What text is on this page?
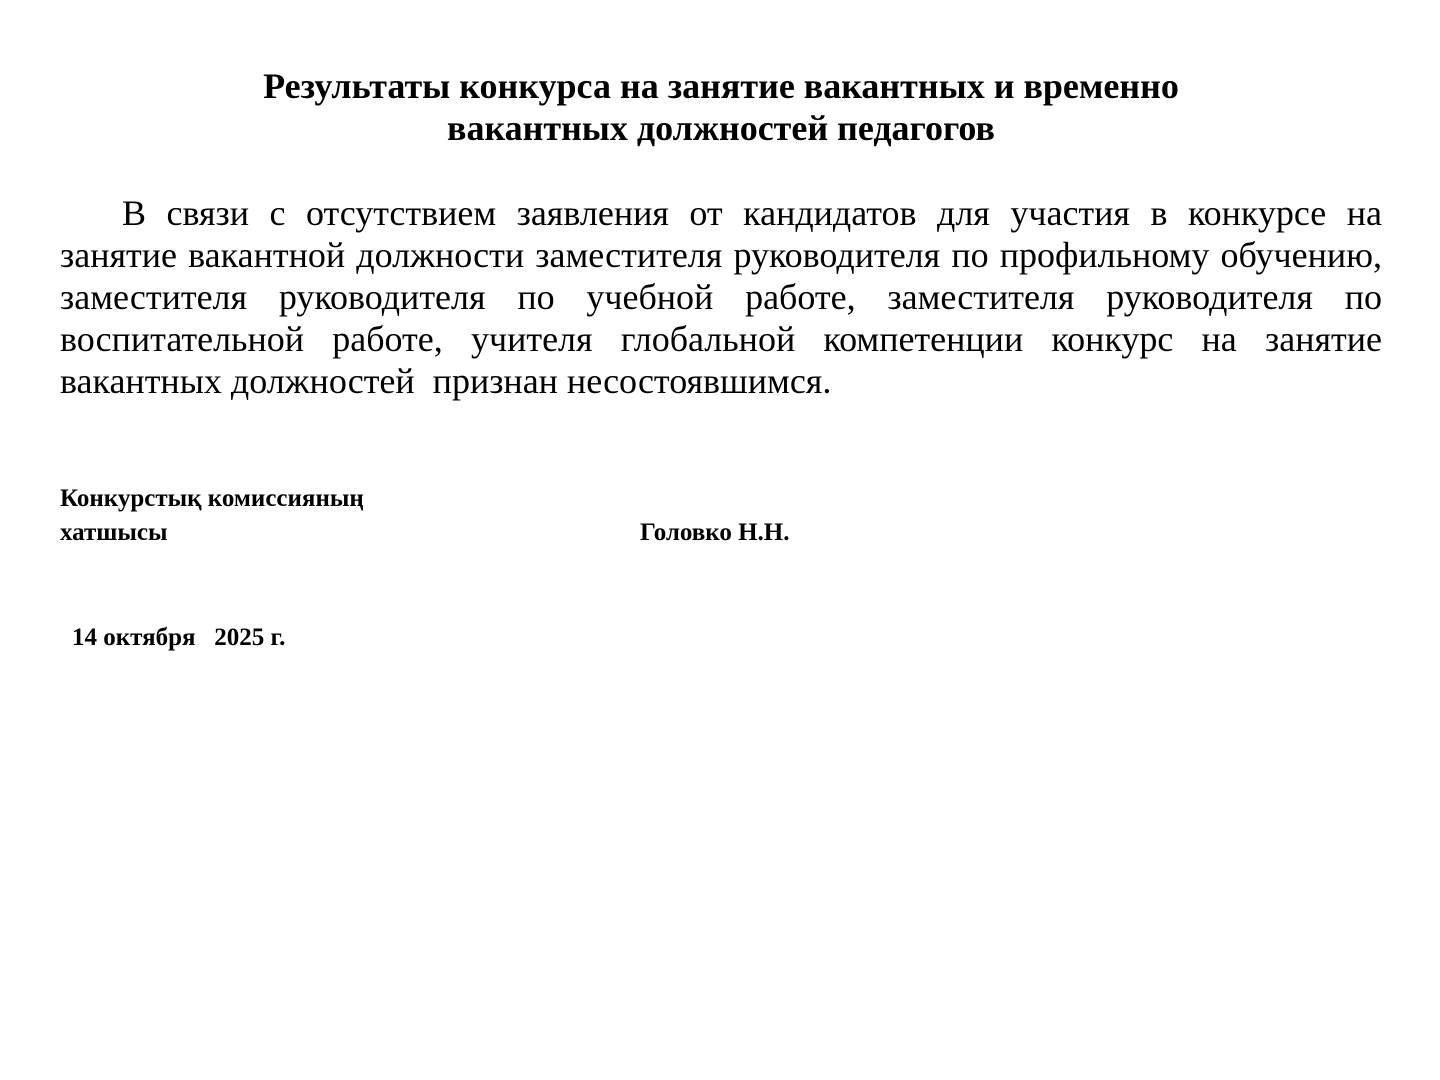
Результаты конкурса на занятие вакантных и временно
вакантных должностей педагогов
В связи с отсутствием заявления от кандидатов для участия в конкурсе на
занятие вакантной должности заместителя руководителя по профильному обучению,
заместителя руководителя по учебной работе, заместителя руководителя по
воспитательной работе, учителя глобальной компетенции конкурс на занятие
вакантных должностей  признан несостоявшимся.
Конкурстық комиссияның
хатшысы	Головко Н.Н.
14 октября   2025 г.
